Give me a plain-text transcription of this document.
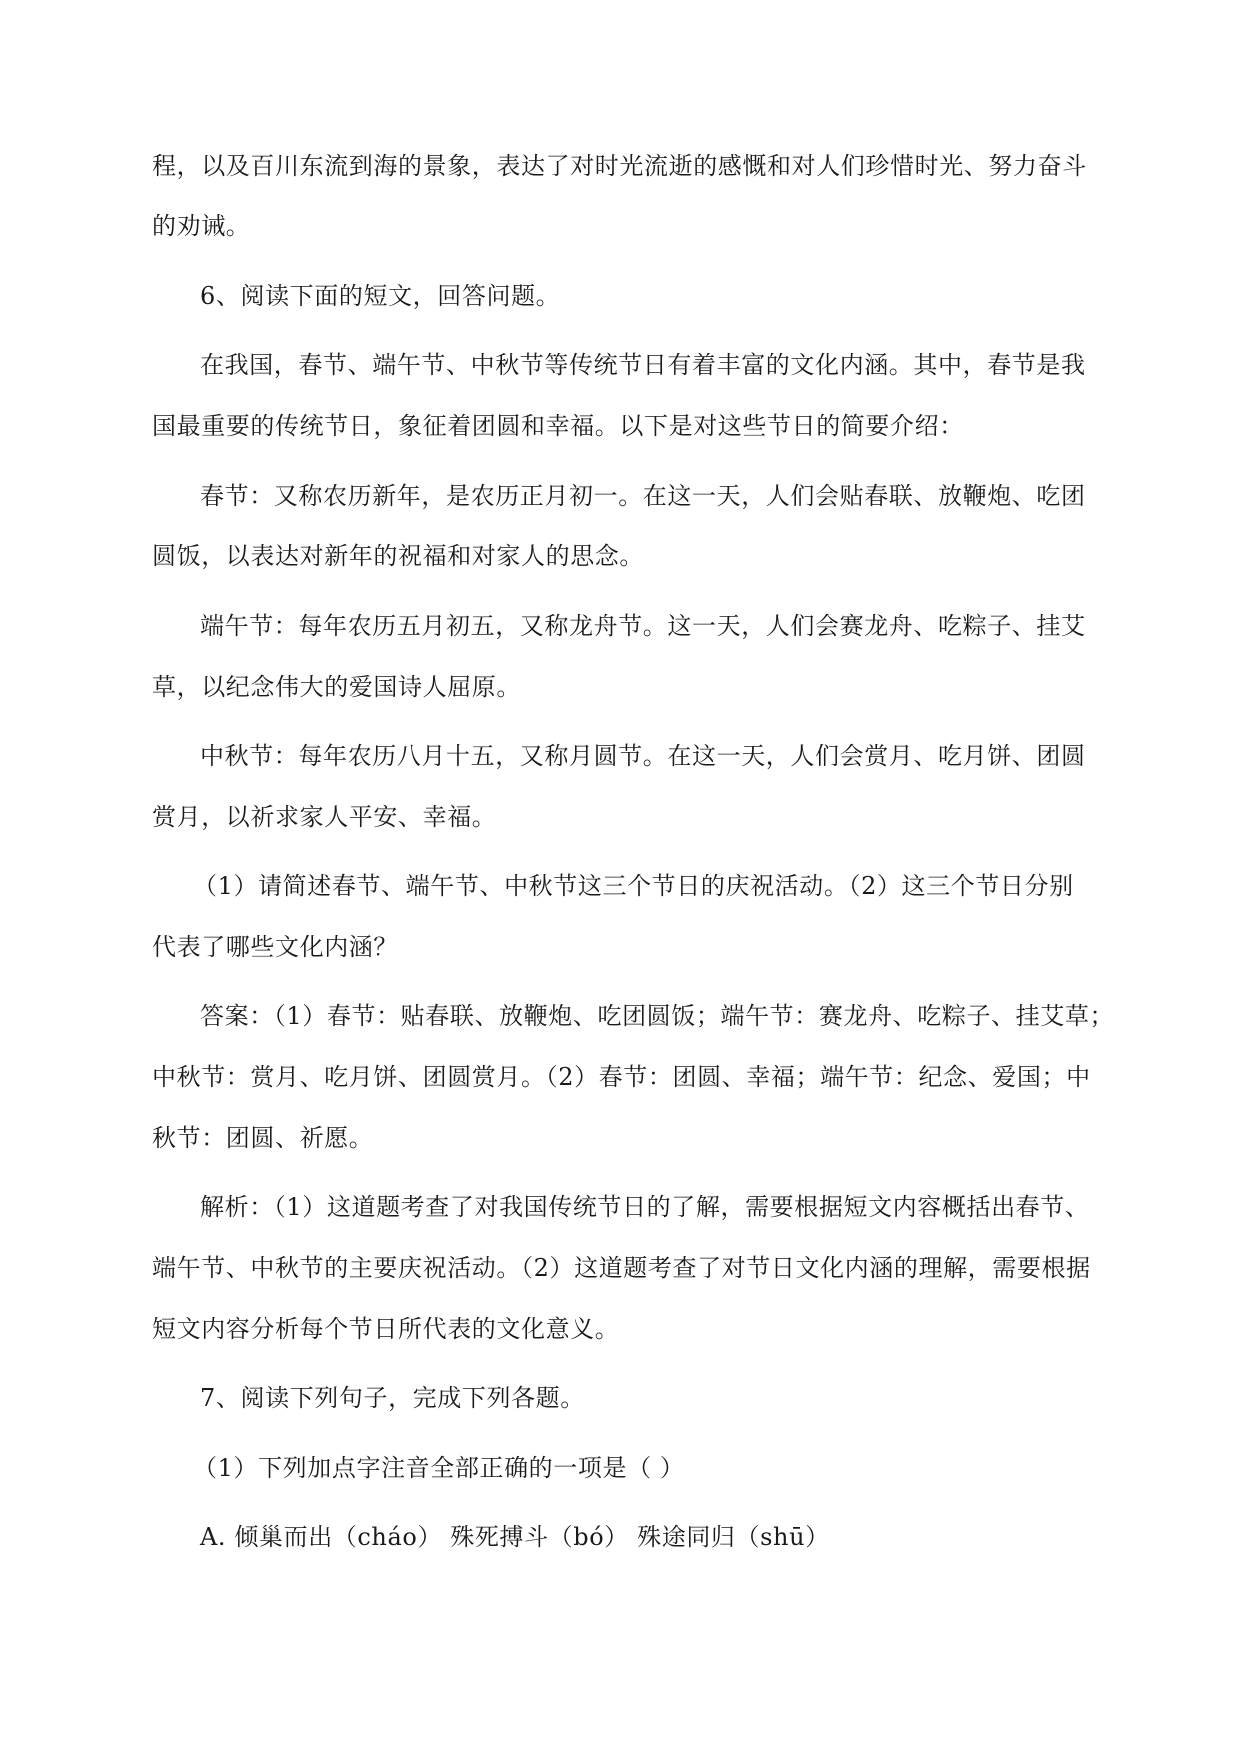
程，以及百川东流到海的景象，表达了对时光流逝的感慨和对人们珍惜时光、努力奋斗
的劝诫。
6、阅读下面的短文，回答问题。
在我国，春节、端午节、中秋节等传统节日有着丰富的文化内涵。其中，春节是我
国最重要的传统节日，象征着团圆和幸福。以下是对这些节日的简要介绍：
春节：又称农历新年，是农历正月初一。在这一天，人们会贴春联、放鞭炮、吃团
圆饭，以表达对新年的祝福和对家人的思念。
端午节：每年农历五月初五，又称龙舟节。这一天，人们会赛龙舟、吃粽子、挂艾
草，以纪念伟大的爱国诗人屈原。
中秋节：每年农历八月十五，又称月圆节。在这一天，人们会赏月、吃月饼、团圆
赏月，以祈求家人平安、幸福。
（1）请简述春节、端午节、中秋节这三个节日的庆祝活动。（2）这三个节日分别
代表了哪些文化内涵？
答案：（1）春节：贴春联、放鞭炮、吃团圆饭；端午节：赛龙舟、吃粽子、挂艾草；
中秋节：赏月、吃月饼、团圆赏月。（2）春节：团圆、幸福；端午节：纪念、爱国；中
秋节：团圆、祈愿。
解析：（1）这道题考查了对我国传统节日的了解，需要根据短文内容概括出春节、
端午节、中秋节的主要庆祝活动。（2）这道题考查了对节日文化内涵的理解，需要根据
短文内容分析每个节日所代表的文化意义。
7、阅读下列句子，完成下列各题。
（1）下列加点字注音全部正确的一项是（ ）
A. 倾巢而出（cháo） 殊死搏斗（bó） 殊途同归（shū）
